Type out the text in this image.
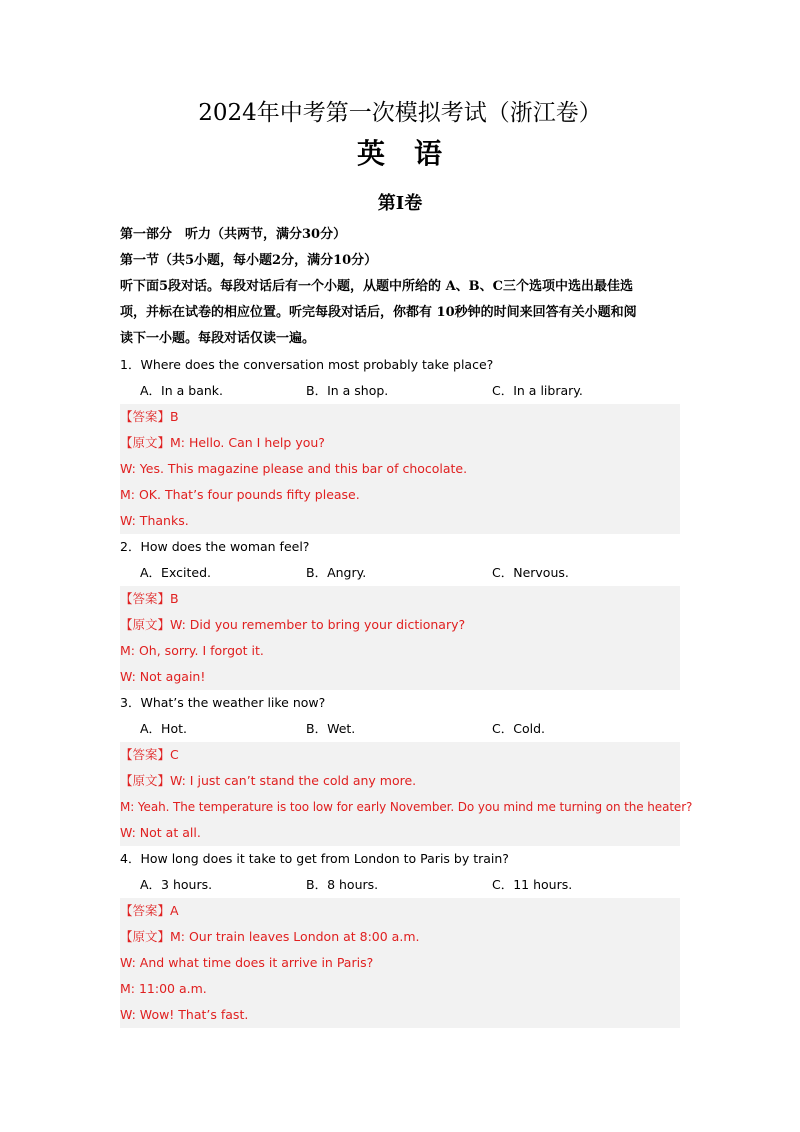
2024年中考第一次模拟考试（浙江卷）
英 语
第Ⅰ卷
第一部分　听力（共两节，满分30分）
第一节（共5小题，每小题2分，满分10分）
听下面5段对话。每段对话后有一个小题，从题中所给的 A、B、C三个选项中选出最佳选
项，并标在试卷的相应位置。听完每段对话后，你都有 10秒钟的时间来回答有关小题和阅
读下一小题。每段对话仅读一遍。
1．Where does the conversation most probably take place?
A．In a bank.	B．In a shop.	C．In a library.
【答案】B
【原文】M: Hello. Can I help you?
W: Yes. This magazine please and this bar of chocolate.
M: OK. That’s four pounds fifty please.
W: Thanks.
2．How does the woman feel?
A．Excited.	B．Angry.	C．Nervous.
【答案】B
【原文】W: Did you remember to bring your dictionary?
M: Oh, sorry. I forgot it.
W: Not again!
3．What’s the weather like now?
A．Hot.	B．Wet.	C．Cold.
【答案】C
【原文】W: I just can’t stand the cold any more.
M: Yeah. The temperature is too low for early November. Do you mind me turning on the heater?
W: Not at all.
4．How long does it take to get from London to Paris by train?
A．3 hours.	B．8 hours.	C．11 hours.
【答案】A
【原文】M: Our train leaves London at 8:00 a.m.
W: And what time does it arrive in Paris?
M: 11:00 a.m.
W: Wow! That’s fast.
